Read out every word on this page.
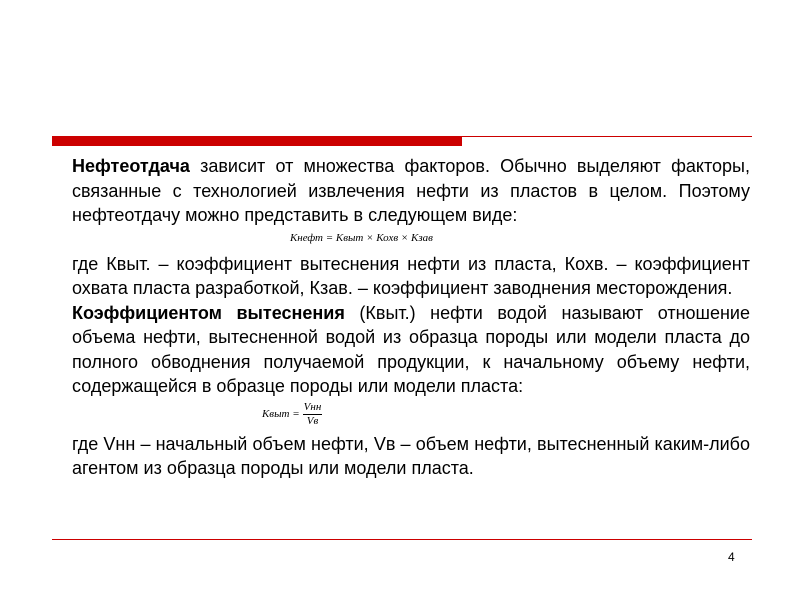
Нефтеотдача зависит от множества факторов. Обычно выделяют факторы, связанные с технологией извлечения нефти из пластов в целом. Поэтому нефтеотдачу можно представить в следующем виде:

Кнефт = Квыт × Кохв × Кзав

где Квыт. – коэффициент вытеснения нефти из пласта, Кохв. – коэффициент охвата пласта разработкой, Кзав. – коэффициент заводнения месторождения.

Коэффициентом вытеснения (Квыт.) нефти водой называют отношение объема нефти, вытесненной водой из образца породы или модели пласта до полного обводнения получаемой продукции, к начальному объему нефти, содержащейся в образце породы или модели пласта:

Квыт = $\frac{\text{Vнн}}{Vв}$

где Vнн – начальный объем нефти, Vв – объем нефти, вытесненный каким-либо агентом из образца породы или модели пласта.

4
